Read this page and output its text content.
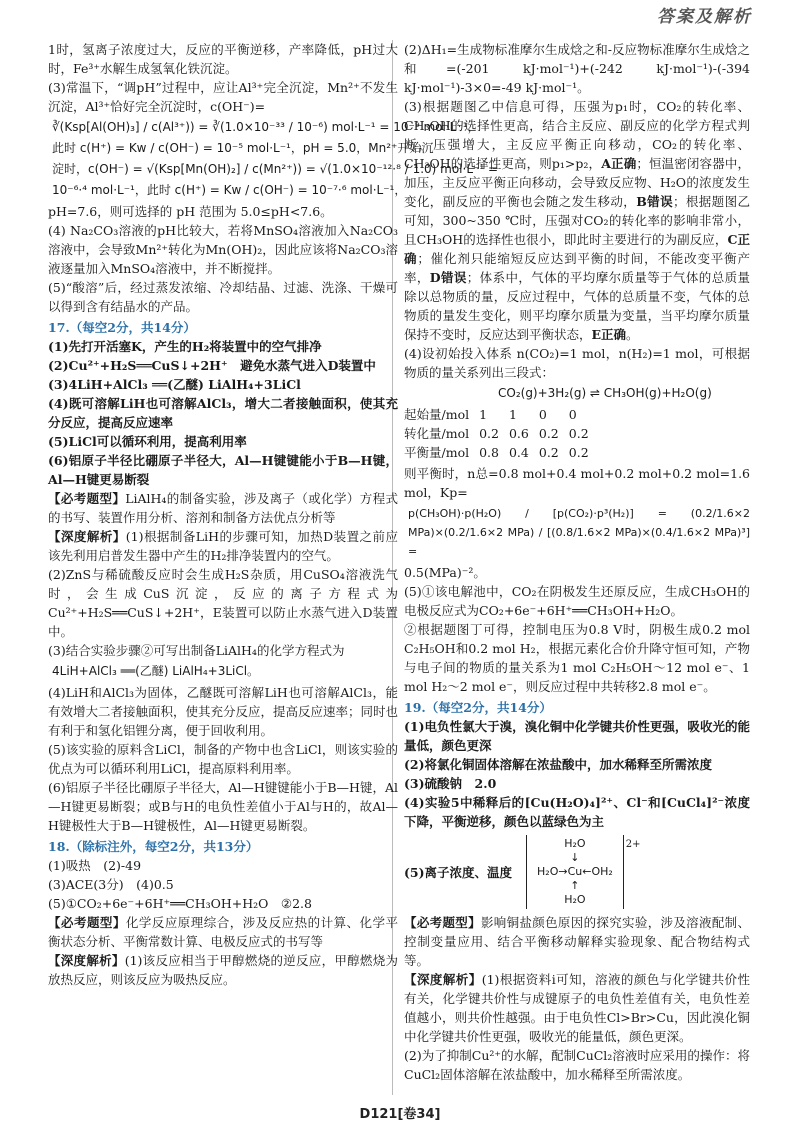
答案及解析

1时，氢离子浓度过大，反应的平衡逆移，产率降低，pH过大时，Fe³⁺水解生成氢氧化铁沉淀。

(3)常温下，“调pH”过程中，应让Al³⁺完全沉淀，Mn²⁺不发生沉淀，Al³⁺恰好完全沉淀时，c(OH⁻)=

∛(Ksp[Al(OH)₃] / c(Al³⁺)) = ∛(1.0×10⁻³³ / 10⁻⁶) mol·L⁻¹ = 10⁻⁹ mol·L⁻¹，

此时 c(H⁺) = Kw / c(OH⁻) = 10⁻⁵ mol·L⁻¹，pH = 5.0，Mn²⁺开始沉

淀时，c(OH⁻) = √(Ksp[Mn(OH)₂] / c(Mn²⁺)) = √(1.0×10⁻¹²·⁸ / 1.0) mol·L⁻¹ =

10⁻⁶·⁴ mol·L⁻¹，此时 c(H⁺) = Kw / c(OH⁻) = 10⁻⁷·⁶ mol·L⁻¹，

pH=7.6，则可选择的 pH 范围为 5.0≤pH<7.6。

(4) Na₂CO₃溶液的pH比较大，若将MnSO₄溶液加入Na₂CO₃溶液中，会导致Mn²⁺转化为Mn(OH)₂，因此应该将Na₂CO₃溶液逐量加入MnSO₄溶液中，并不断搅拌。

(5)“酸溶”后，经过蒸发浓缩、冷却结晶、过滤、洗涤、干燥可以得到含有结晶水的产品。

17.（每空2分，共14分）

(1)先打开活塞K，产生的H₂将装置中的空气排净

(2)Cu²⁺+H₂S══CuS↓+2H⁺　避免水蒸气进入D装置中

(3)4LiH+AlCl₃ ══(乙醚) LiAlH₄+3LiCl

(4)既可溶解LiH也可溶解AlCl₃，增大二者接触面积，使其充分反应，提高反应速率

(5)LiCl可以循环利用，提高利用率

(6)铝原子半径比硼原子半径大，Al—H键键能小于B—H键，Al—H键更易断裂

【必考题型】LiAlH₄的制备实验，涉及离子（或化学）方程式的书写、装置作用分析、溶剂和制备方法优点分析等

【深度解析】(1)根据制备LiH的步骤可知，加热D装置之前应该先利用启普发生器中产生的H₂排净装置内的空气。

(2)ZnS与稀硫酸反应时会生成H₂S杂质，用CuSO₄溶液洗气时，会生成CuS沉淀，反应的离子方程式为Cu²⁺+H₂S══CuS↓+2H⁺，E装置可以防止水蒸气进入D装置中。

(3)结合实验步骤②可写出制备LiAlH₄的化学方程式为

4LiH+AlCl₃ ══(乙醚) LiAlH₄+3LiCl。

(4)LiH和AlCl₃为固体，乙醚既可溶解LiH也可溶解AlCl₃，能有效增大二者接触面积，使其充分反应，提高反应速率；同时也有利于和氢化铝锂分离，便于回收利用。

(5)该实验的原料含LiCl，制备的产物中也含LiCl，则该实验的优点为可以循环利用LiCl，提高原料利用率。

(6)铝原子半径比硼原子半径大，Al—H键键能小于B—H键，Al—H键更易断裂；或B与H的电负性差值小于Al与H的，故Al—H键极性大于B—H键极性，Al—H键更易断裂。

18.（除标注外，每空2分，共13分）

(1)吸热　(2)-49

(3)ACE(3分)　(4)0.5

(5)①CO₂+6e⁻+6H⁺══CH₃OH+H₂O　②2.8

【必考题型】化学反应原理综合，涉及反应热的计算、化学平衡状态分析、平衡常数计算、电极反应式的书写等

【深度解析】(1)该反应相当于甲醇燃烧的逆反应，甲醇燃烧为放热反应，则该反应为吸热反应。

(2)ΔH₁=生成物标准摩尔生成焓之和-反应物标准摩尔生成焓之和=(-201 kJ·mol⁻¹)+(-242 kJ·mol⁻¹)-(-394 kJ·mol⁻¹)-3×0=-49 kJ·mol⁻¹。

(3)根据题图乙中信息可得，压强为p₁时，CO₂的转化率、CH₃OH的选择性更高，结合主反应、副反应的化学方程式判断，压强增大，主反应平衡正向移动，CO₂的转化率、CH₃OH的选择性更高，则p₁>p₂，A正确；恒温密闭容器中，加压，主反应平衡正向移动，会导致反应物、H₂O的浓度发生变化，副反应的平衡也会随之发生移动，B错误；根据题图乙可知，300~350 ℃时，压强对CO₂的转化率的影响非常小，且CH₃OH的选择性也很小，即此时主要进行的为副反应，C正确；催化剂只能缩短反应达到平衡的时间，不能改变平衡产率，D错误；体系中，气体的平均摩尔质量等于气体的总质量除以总物质的量，反应过程中，气体的总质量不变，气体的总物质的量发生变化，则平均摩尔质量为变量，当平均摩尔质量保持不变时，反应达到平衡状态，E正确。

(4)设初始投入体系 n(CO₂)=1 mol，n(H₂)=1 mol，可根据物质的量关系列出三段式：

CO₂(g)+3H₂(g) ⇌ CH₃OH(g)+H₂O(g)

起始量/mol	1	1	0	0
转化量/mol	0.2	0.6	0.2	0.2
平衡量/mol	0.8	0.4	0.2	0.2

则平衡时，n总=0.8 mol+0.4 mol+0.2 mol+0.2 mol=1.6 mol，Kp=

p(CH₃OH)·p(H₂O) / [p(CO₂)·p³(H₂)] = (0.2/1.6×2 MPa)×(0.2/1.6×2 MPa) / [(0.8/1.6×2 MPa)×(0.4/1.6×2 MPa)³] =

0.5(MPa)⁻²。

(5)①该电解池中，CO₂在阴极发生还原反应，生成CH₃OH的电极反应式为CO₂+6e⁻+6H⁺══CH₃OH+H₂O。

②根据题图丁可得，控制电压为0.8 V时，阴极生成0.2 mol C₂H₅OH和0.2 mol H₂，根据元素化合价升降守恒可知，产物与电子间的物质的量关系为1 mol C₂H₅OH～12 mol e⁻、1 mol H₂～2 mol e⁻，则反应过程中共转移2.8 mol e⁻。

19.（每空2分，共14分）

(1)电负性氯大于溴，溴化铜中化学键共价性更强，吸收光的能量低，颜色更深

(2)将氯化铜固体溶解在浓盐酸中，加水稀释至所需浓度

(3)硫酸钠　2.0

(4)实验5中稀释后的[Cu(H₂O)₄]²⁺、Cl⁻和[CuCl₄]²⁻浓度下降，平衡逆移，颜色以蓝绿色为主

(5)离子浓度、温度
H₂O
↓
H₂O→Cu←OH₂
↑
H₂O
$^{2+}$

【必考题型】影响铜盐颜色原因的探究实验，涉及溶液配制、控制变量应用、结合平衡移动解释实验现象、配合物结构式等。

【深度解析】(1)根据资料ⅰ可知，溶液的颜色与化学键共价性有关，化学键共价性与成键原子的电负性差值有关，电负性差值越小，则共价性越强。由于电负性Cl>Br>Cu，因此溴化铜中化学键共价性更强，吸收光的能量低，颜色更深。

(2)为了抑制Cu²⁺的水解，配制CuCl₂溶液时应采用的操作：将CuCl₂固体溶解在浓盐酸中，加水稀释至所需浓度。

D121[卷34]
